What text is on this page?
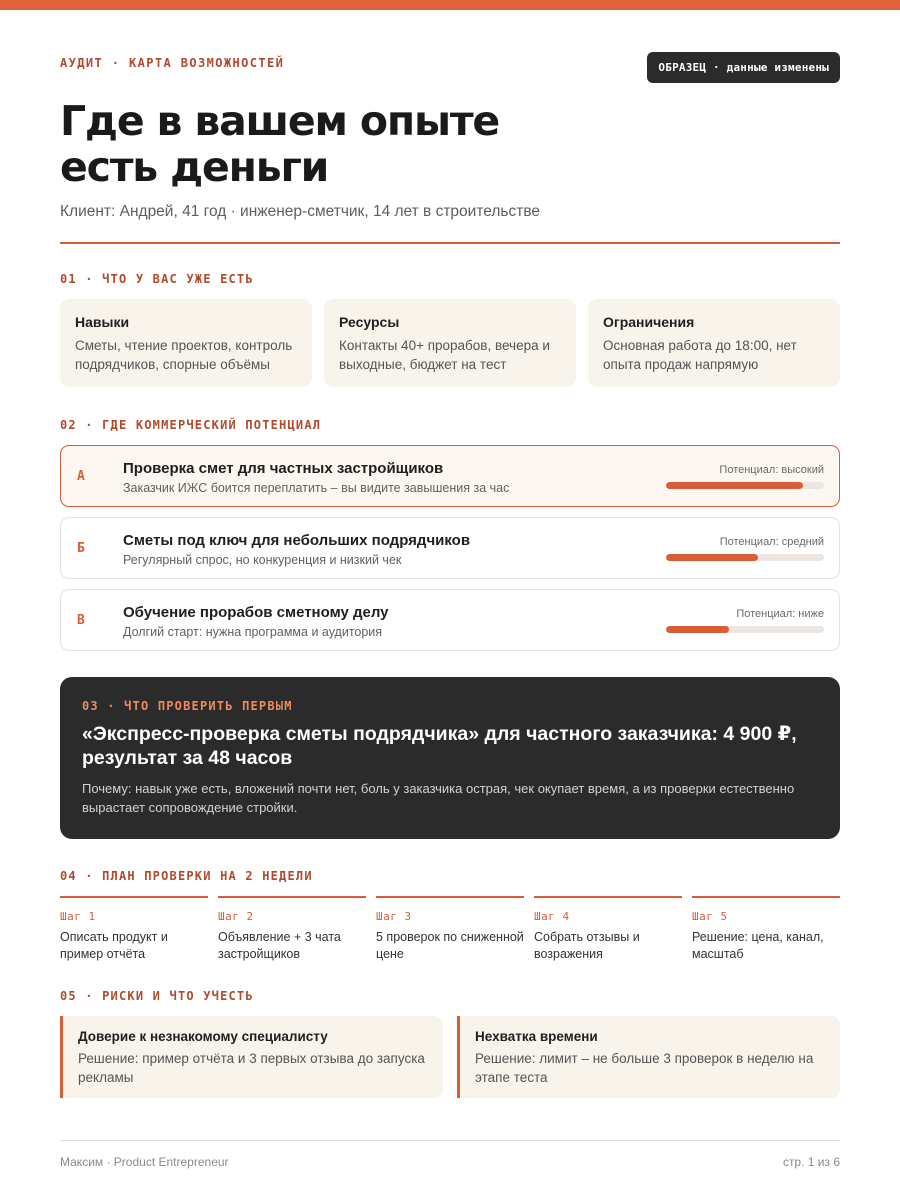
АУДИТ · КАРТА ВОЗМОЖНОСТЕЙ	ОБРАЗЕЦ · данные изменены
Где в вашем опыте
есть деньги
Клиент: Андрей, 41 год · инженер-сметчик, 14 лет в строительстве
01 · ЧТО У ВАС УЖЕ ЕСТЬ
Навыки
Сметы, чтение проектов, контроль подрядчиков, спорные объёмы
Ресурсы
Контакты 40+ прорабов, вечера и выходные, бюджет на тест
Ограничения
Основная работа до 18:00, нет опыта продаж напрямую
02 · ГДЕ КОММЕРЧЕСКИЙ ПОТЕНЦИАЛ
А	Проверка смет для частных застройщиков
Заказчик ИЖС боится переплатить – вы видите завышения за час
Потенциал: высокий
Б	Сметы под ключ для небольших подрядчиков
Регулярный спрос, но конкуренция и низкий чек
Потенциал: средний
В	Обучение прорабов сметному делу
Долгий старт: нужна программа и аудитория
Потенциал: ниже
03 · ЧТО ПРОВЕРИТЬ ПЕРВЫМ
«Экспресс-проверка сметы подрядчика» для частного заказчика: 4 900 ₽, результат за 48 часов
Почему: навык уже есть, вложений почти нет, боль у заказчика острая, чек окупает время, а из проверки естественно вырастает сопровождение стройки.
04 · ПЛАН ПРОВЕРКИ НА 2 НЕДЕЛИ
Шаг 1
Описать продукт и пример отчёта
Шаг 2
Объявление + 3 чата застройщиков
Шаг 3
5 проверок по сниженной цене
Шаг 4
Собрать отзывы и возражения
Шаг 5
Решение: цена, канал, масштаб
05 · РИСКИ И ЧТО УЧЕСТЬ
Доверие к незнакомому специалисту
Решение: пример отчёта и 3 первых отзыва до запуска рекламы
Нехватка времени
Решение: лимит – не больше 3 проверок в неделю на этапе теста
Максим · Product Entrepreneur	стр. 1 из 6
